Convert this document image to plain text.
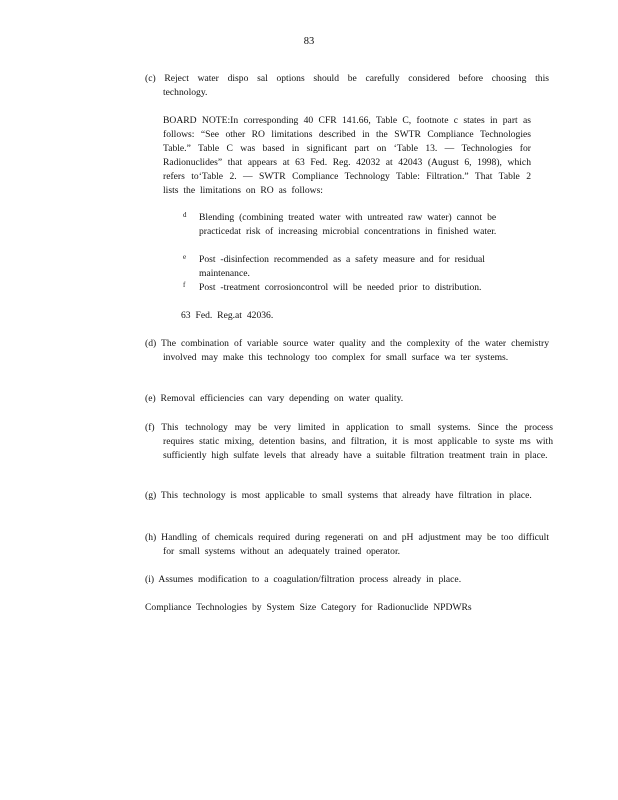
83
(c) Reject water dispo sal options should be carefully considered before choosing this technology.
BOARD NOTE:In corresponding 40 CFR 141.66, Table C, footnote c states in part as follows: “See other RO limitations described in the SWTR Compliance Technologies Table.” Table C was based in significant part on ‘Table 13. — Technologies for Radionuclides” that appears at 63 Fed. Reg. 42032 at 42043 (August 6, 1998), which refers to‘Table 2. — SWTR Compliance Technology Table: Filtration.” That Table 2 lists the limitations on RO as follows:
d Blending (combining treated water with untreated raw water) cannot be practicedat risk of increasing microbial concentrations in finished water.
e Post -disinfection recommended as a safety measure and for residual maintenance.
f Post -treatment corrosioncontrol will be needed prior to distribution.
63 Fed. Reg.at 42036.
(d) The combination of variable source water quality and the complexity of the water chemistry involved may make this technology too complex for small surface wa ter systems.
(e) Removal efficiencies can vary depending on water quality.
(f) This technology may be very limited in application to small systems. Since the process requires static mixing, detention basins, and filtration, it is most applicable to syste ms with sufficiently high sulfate levels that already have a suitable filtration treatment train in place.
(g) This technology is most applicable to small systems that already have filtration in place.
(h) Handling of chemicals required during regenerati on and pH adjustment may be too difficult for small systems without an adequately trained operator.
(i) Assumes modification to a coagulation/filtration process already in place.
Compliance Technologies by System Size Category for Radionuclide NPDWRs
